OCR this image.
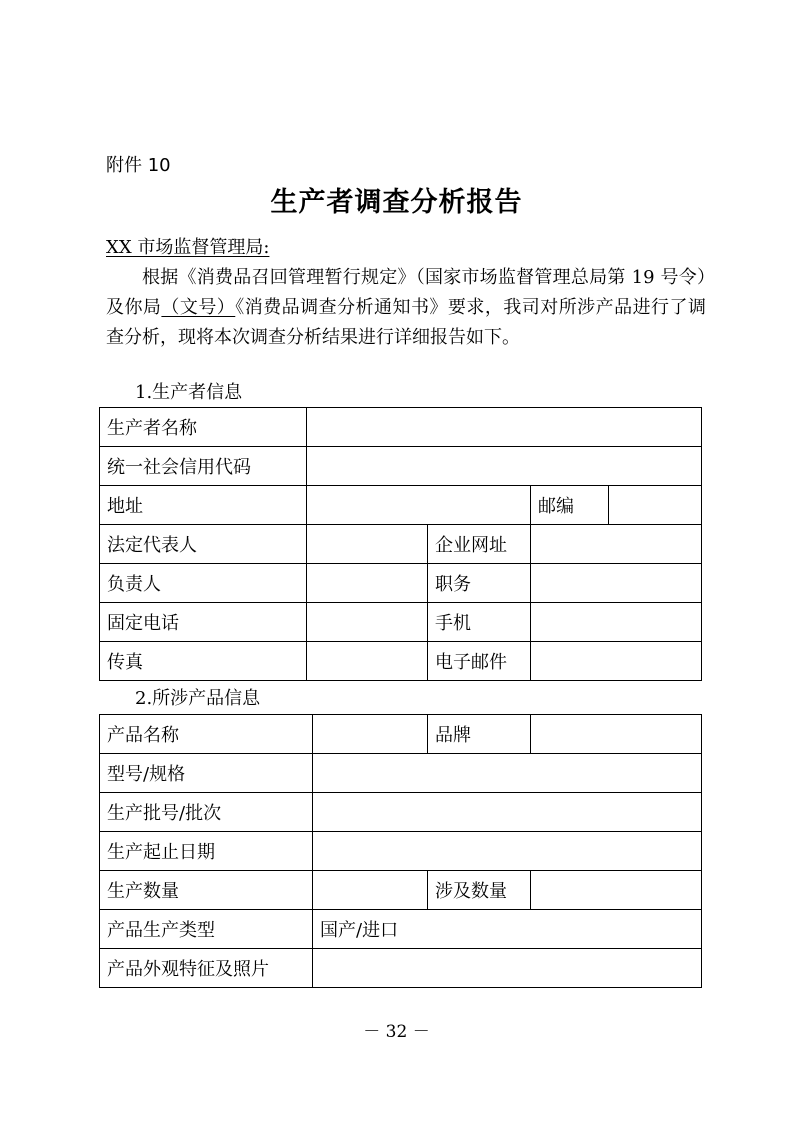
附件 10
生产者调查分析报告
XX 市场监督管理局:
根据《消费品召回管理暂行规定》（国家市场监督管理总局第 19 号令）及你局（文号）《消费品调查分析通知书》要求，我司对所涉产品进行了调查分析，现将本次调查分析结果进行详细报告如下。
1.生产者信息
生产者名称				
统一社会信用代码				
地址			邮编	
法定代表人		企业网址		
负责人		职务		
固定电话		手机		
传真		电子邮件		
2.所涉产品信息
产品名称		品牌	
型号/规格			
生产批号/批次			
生产起止日期			
生产数量		涉及数量	
产品生产类型	国产/进口		
产品外观特征及照片			
－ 32 －
